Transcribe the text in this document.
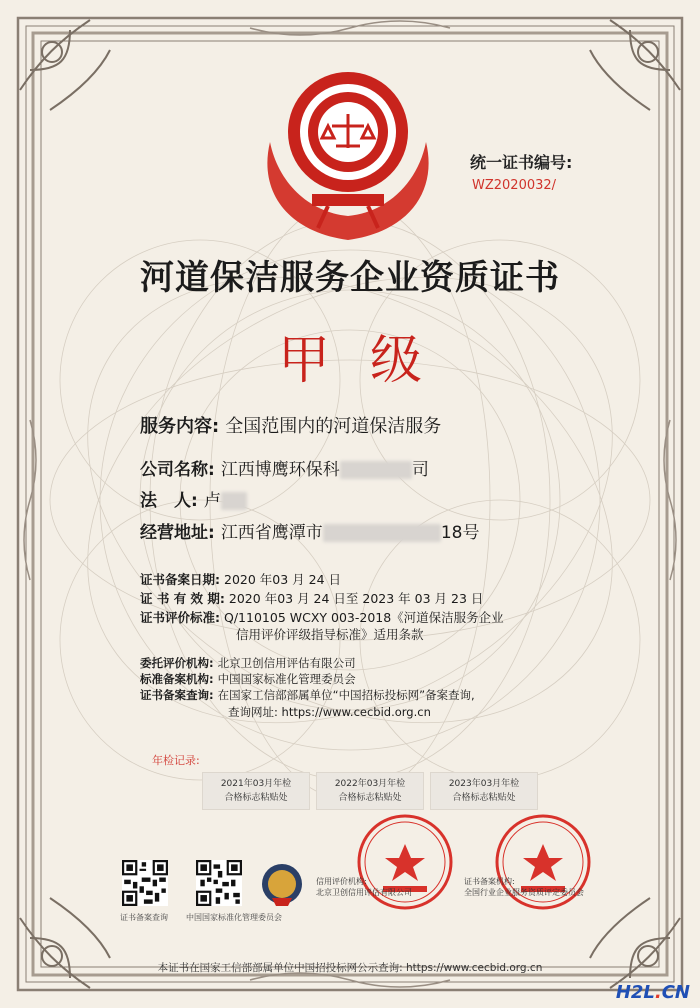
统一证书编号:
WZ2020032/
河道保洁服务企业资质证书
甲级
服务内容: 全国范围内的河道保洁服务
公司名称: 江西博鹰环保科	司
法　人: 卢
经营地址: 江西省鹰潭市	18号
证书备案日期: 2020 年03 月 24 日
证 书 有 效 期: 2020 年03 月 24 日至 2023 年 03 月 23 日
证书评价标准: Q/110105 WCXY 003-2018《河道保洁服务企业
信用评价评级指导标准》适用条款
委托评价机构: 北京卫创信用评估有限公司
标准备案机构: 中国国家标准化管理委员会
证书备案查询: 在国家工信部部属单位“中国招标投标网”备案查询,
查询网址: https://www.cecbid.org.cn
年检记录:
2021年03月年检
合格标志粘贴处
2022年03月年检
合格标志粘贴处
2023年03月年检
合格标志粘贴处
证书备案查询 中国国家标准化管理委员会
信用评价机构:
北京卫创信用评估有限公司
证书备案机构:
全国行业企业服务资质评定委员会
本证书在国家工信部部属单位中国招投标网公示查询: https://www.cecbid.org.cn
H2L.CN
